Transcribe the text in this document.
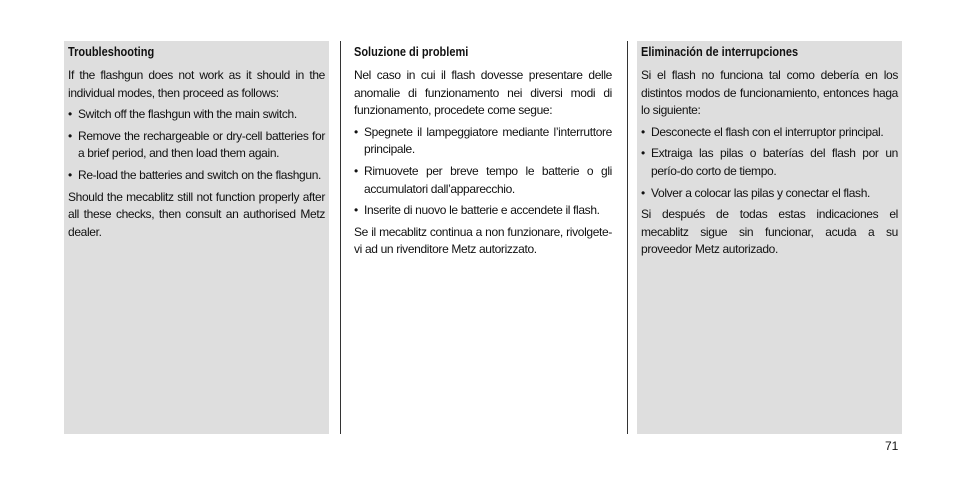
Troubleshooting

If the flashgun does not work as it should in the individual modes, then proceed as follows:

• Switch off the flashgun with the main switch.
• Remove the rechargeable or dry-cell batteries for a brief period, and then load them again.
• Re-load the batteries and switch on the flashgun.

Should the mecablitz still not function properly after all these checks, then consult an authorised Metz dealer.

Soluzione di problemi

Nel caso in cui il flash dovesse presentare delle anomalie di funzionamento nei diversi modi di funzionamento, procedete come segue:

• Spegnete il lampeggiatore mediante l’interruttore principale.
• Rimuovete per breve tempo le batterie o gli accumulatori dall’apparecchio.
• Inserite di nuovo le batterie e accendete il flash.

Se il mecablitz continua a non funzionare, rivolgete-vi ad un rivenditore Metz autorizzato.

Eliminación de interrupciones

Si el flash no funciona tal como debería en los distintos modos de funcionamiento, entonces haga lo siguiente:

• Desconecte el flash con el interruptor principal.
• Extraiga las pilas o baterías del flash por un perío-do corto de tiempo.
• Volver a colocar las pilas y conectar el flash.

Si después de todas estas indicaciones el mecablitz sigue sin funcionar, acuda a su proveedor Metz autorizado.

71
